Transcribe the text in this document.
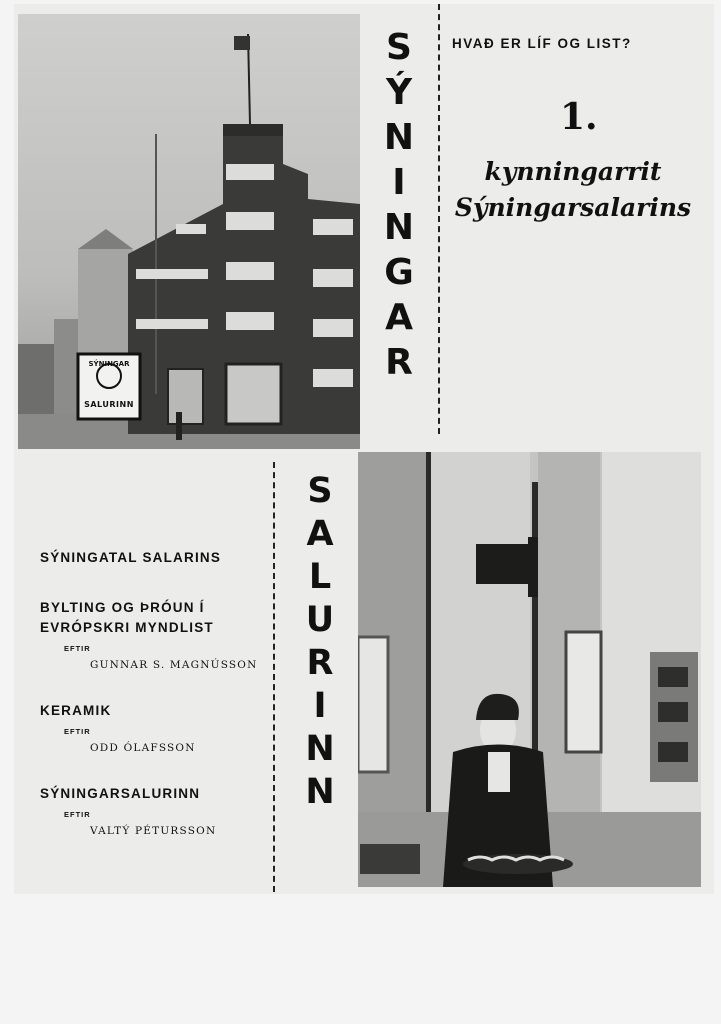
SÝNINGAR
SALURINN
S
Ý
N
I
N
G
A
R
HVAÐ ER LÍF OG LIST?
1.
kynningarrit
Sýningarsalarins
S
A
L
U
R
I
N
N
SÝNINGATAL SALARINS
BYLTING OG ÞRÓUN Í EVRÓPSKRI MYNDLIST
EFTIR
GUNNAR S. MAGNÚSSON
KERAMIK
EFTIR
ODD ÓLAFSSON
SÝNINGARSALURINN
EFTIR
VALTÝ PÉTURSSON
